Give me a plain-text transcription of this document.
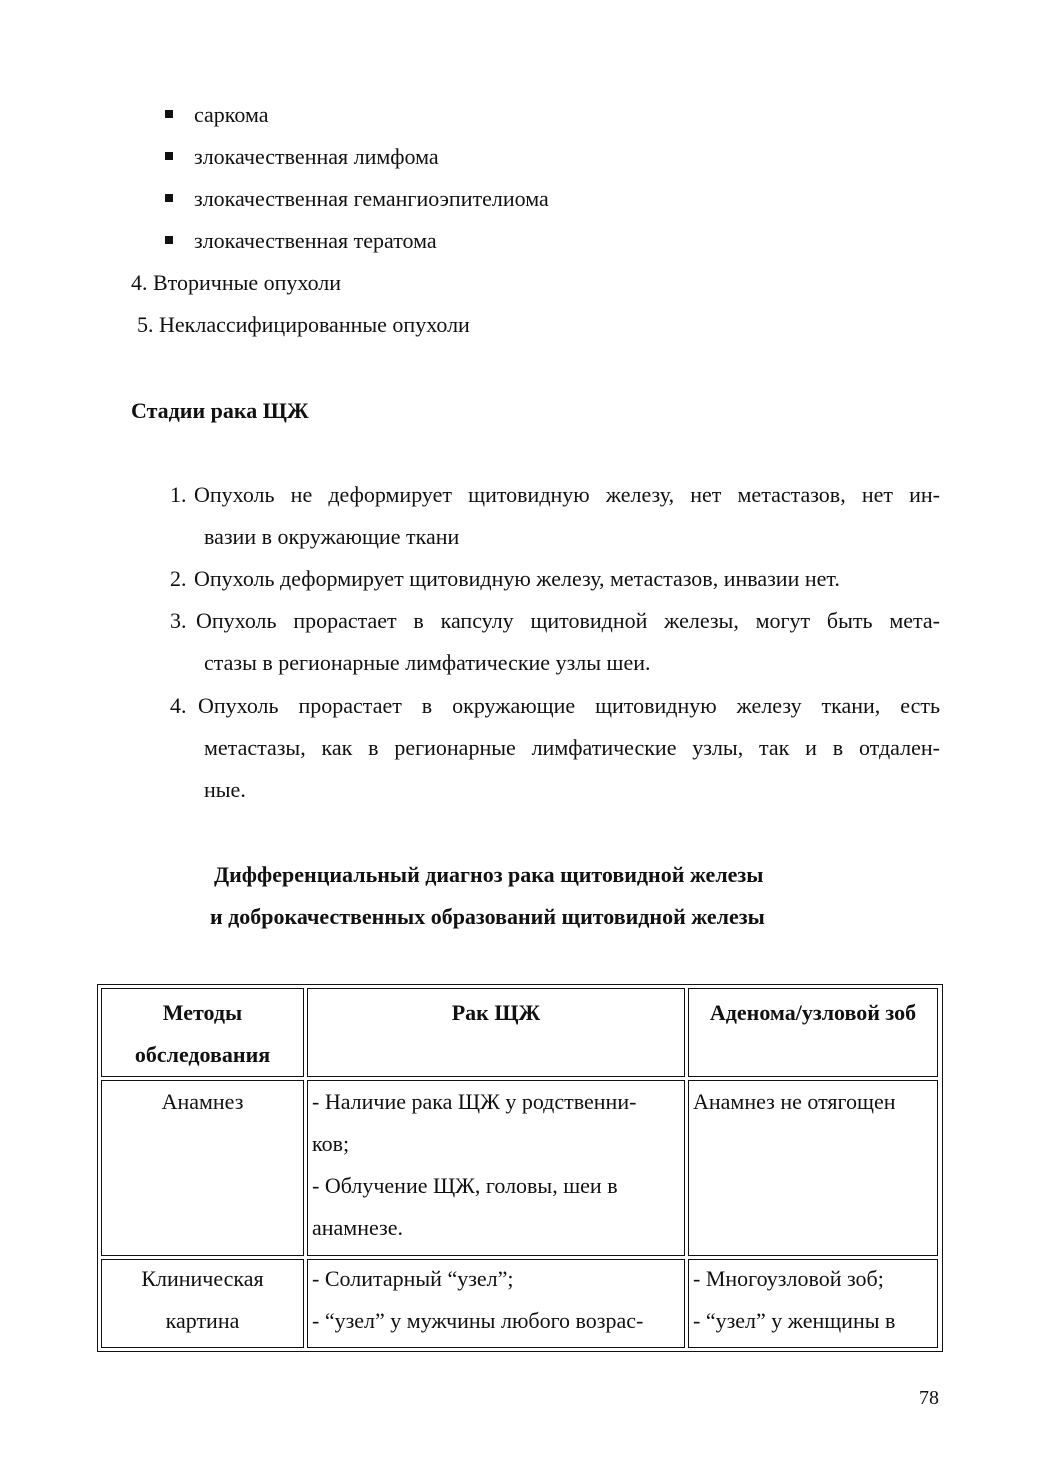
саркома
злокачественная лимфома
злокачественная гемангиоэпителиома
злокачественная тератома
4. Вторичные опухоли
5. Неклассифицированные опухоли
Стадии рака ЩЖ
1. Опухоль не деформирует щитовидную железу, нет метастазов, нет ин-
вазии в окружающие ткани
2. Опухоль деформирует щитовидную железу, метастазов, инвазии нет.
3. Опухоль прорастает в капсулу щитовидной железы, могут быть мета-
стазы в регионарные лимфатические узлы шеи.
4. Опухоль прорастает в окружающие щитовидную железу ткани, есть
метастазы, как в регионарные лимфатические узлы, так и в отдален-
ные.
Дифференциальный диагноз рака щитовидной железы
и доброкачественных образований щитовидной железы
Методы
обследования
Рак ЩЖ	Аденома/узловой зоб
Анамнез	- Наличие рака ЩЖ у родственни-
ков;
- Облучение ЩЖ, головы, шеи в
анамнезе.
Анамнез не отягощен
Клиническая
картина
- Солитарный “узел”;
- “узел” у мужчины любого возрас-
- Многоузловой зоб;
- “узел” у женщины в
78
